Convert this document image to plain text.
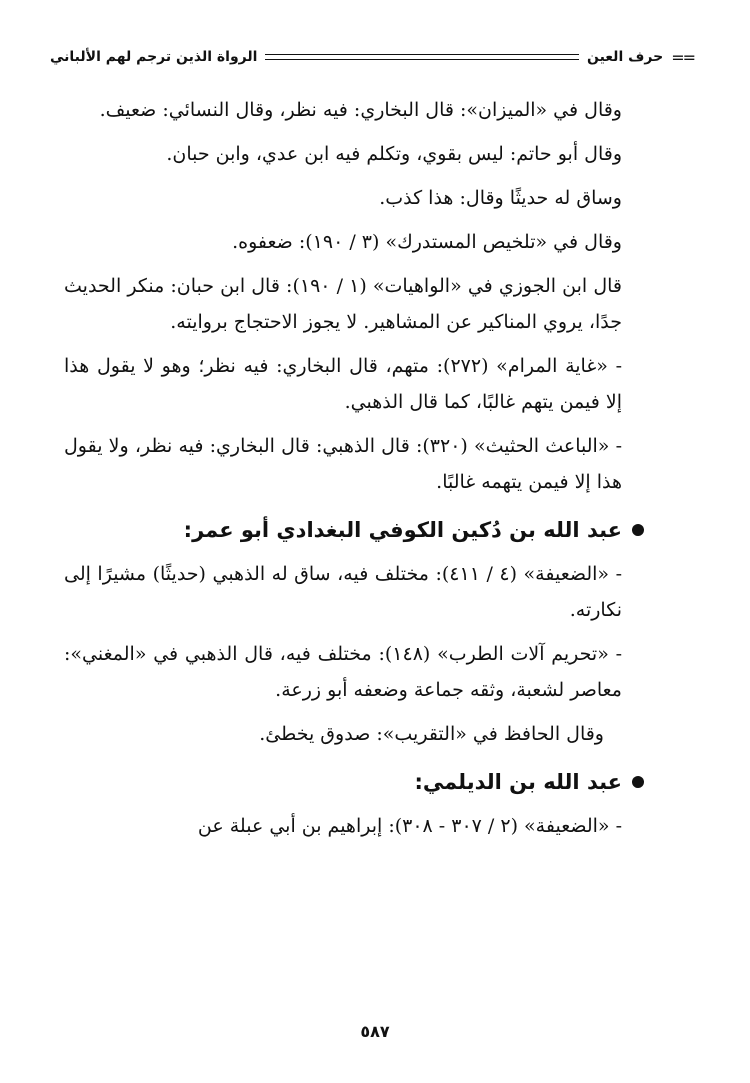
==
حرف العين
الرواة الذين ترجم لهم الألباني

وقال في «الميزان»: قال البخاري: فيه نظر، وقال النسائي: ضعيف.

وقال أبو حاتم: ليس بقوي، وتكلم فيه ابن عدي، وابن حبان.

وساق له حديثًا وقال: هذا كذب.

وقال في «تلخيص المستدرك» (٣ / ١٩٠): ضعفوه.

قال ابن الجوزي في «الواهيات» (١ / ١٩٠): قال ابن حبان: منكر الحديث جدًا، يروي المناكير عن المشاهير. لا يجوز الاحتجاج بروايته.

- «غاية المرام» (٢٧٢): متهم، قال البخاري: فيه نظر؛ وهو لا يقول هذا إلا فيمن يتهم غالبًا، كما قال الذهبي.

- «الباعث الحثيث» (٣٢٠): قال الذهبي: قال البخاري: فيه نظر، ولا يقول هذا إلا فيمن يتهمه غالبًا.

عبد الله بن دُكين الكوفي البغدادي أبو عمر:

- «الضعيفة» (٤ / ٤١١): مختلف فيه، ساق له الذهبي (حديثًا) مشيرًا إلى نكارته.

- «تحريم آلات الطرب» (١٤٨): مختلف فيه، قال الذهبي في «المغني»: معاصر لشعبة، وثقه جماعة وضعفه أبو زرعة.

وقال الحافظ في «التقريب»: صدوق يخطئ.

عبد الله بن الديلمي:

- «الضعيفة» (٢ / ٣٠٧ - ٣٠٨): إبراهيم بن أبي عبلة عن

٥٨٧
